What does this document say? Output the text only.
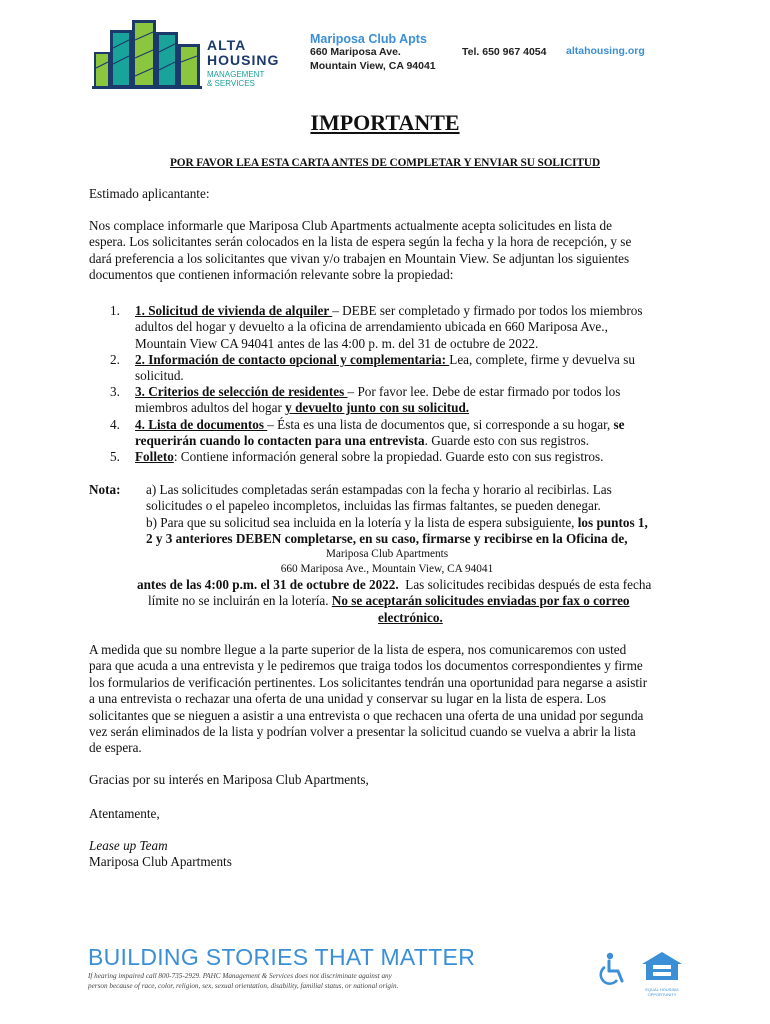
ALTA
HOUSING
MANAGEMENT
& SERVICES
Mariposa Club Apts
660 Mariposa Ave.
Mountain View, CA 94041
Tel. 650 967 4054 altahousing.org
IMPORTANTE
POR FAVOR LEA ESTA CARTA ANTES DE COMPLETAR Y ENVIAR SU SOLICITUD
Estimado aplicantante:
Nos complace informarle que Mariposa Club Apartments actualmente acepta solicitudes en lista de
espera. Los solicitantes serán colocados en la lista de espera según la fecha y la hora de recepción, y se
dará preferencia a los solicitantes que vivan y/o trabajen en Mountain View. Se adjuntan los siguientes
documentos que contienen información relevante sobre la propiedad:
1. 1. Solicitud de vivienda de alquiler – DEBE ser completado y firmado por todos los miembros
adultos del hogar y devuelto a la oficina de arrendamiento ubicada en 660 Mariposa Ave.,
Mountain View CA 94041 antes de las 4:00 p. m. del 31 de octubre de 2022.
2. 2. Información de contacto opcional y complementaria: Lea, complete, firme y devuelva su
solicitud.
3. 3. Criterios de selección de residentes – Por favor lee. Debe de estar firmado por todos los
miembros adultos del hogar y devuelto junto con su solicitud.
4. 4. Lista de documentos – Ésta es una lista de documentos que, si corresponde a su hogar, se
requerirán cuando lo contacten para una entrevista. Guarde esto con sus registros.
5. Folleto: Contiene información general sobre la propiedad. Guarde esto con sus registros.
Nota: a) Las solicitudes completadas serán estampadas con la fecha y horario al recibirlas. Las
solicitudes o el papeleo incompletos, incluidas las firmas faltantes, se pueden denegar.
b) Para que su solicitud sea incluida en la lotería y la lista de espera subsiguiente, los puntos 1,
2 y 3 anteriores DEBEN completarse, en su caso, firmarse y recibirse en la Oficina de,
Mariposa Club Apartments
660 Mariposa Ave., Mountain View, CA 94041
antes de las 4:00 p.m. el 31 de octubre de 2022.  Las solicitudes recibidas después de esta fecha
límite no se incluirán en la lotería. No se aceptarán solicitudes enviadas por fax o correo
electrónico.
A medida que su nombre llegue a la parte superior de la lista de espera, nos comunicaremos con usted
para que acuda a una entrevista y le pediremos que traiga todos los documentos correspondientes y firme
los formularios de verificación pertinentes. Los solicitantes tendrán una oportunidad para negarse a asistir
a una entrevista o rechazar una oferta de una unidad y conservar su lugar en la lista de espera. Los
solicitantes que se nieguen a asistir a una entrevista o que rechacen una oferta de una unidad por segunda
vez serán eliminados de la lista y podrían volver a presentar la solicitud cuando se vuelva a abrir la lista
de espera.
Gracias por su interés en Mariposa Club Apartments,
Atentamente,
Lease up Team
Mariposa Club Apartments
BUILDING STORIES THAT MATTER
If hearing impaired call 800-735-2929. PAHC Management & Services does not discriminate against any
person because of race, color, religion, sex, sexual orientation, disability, familial status, or national origin.	EQUAL HOUSING OPPORTUNITY
